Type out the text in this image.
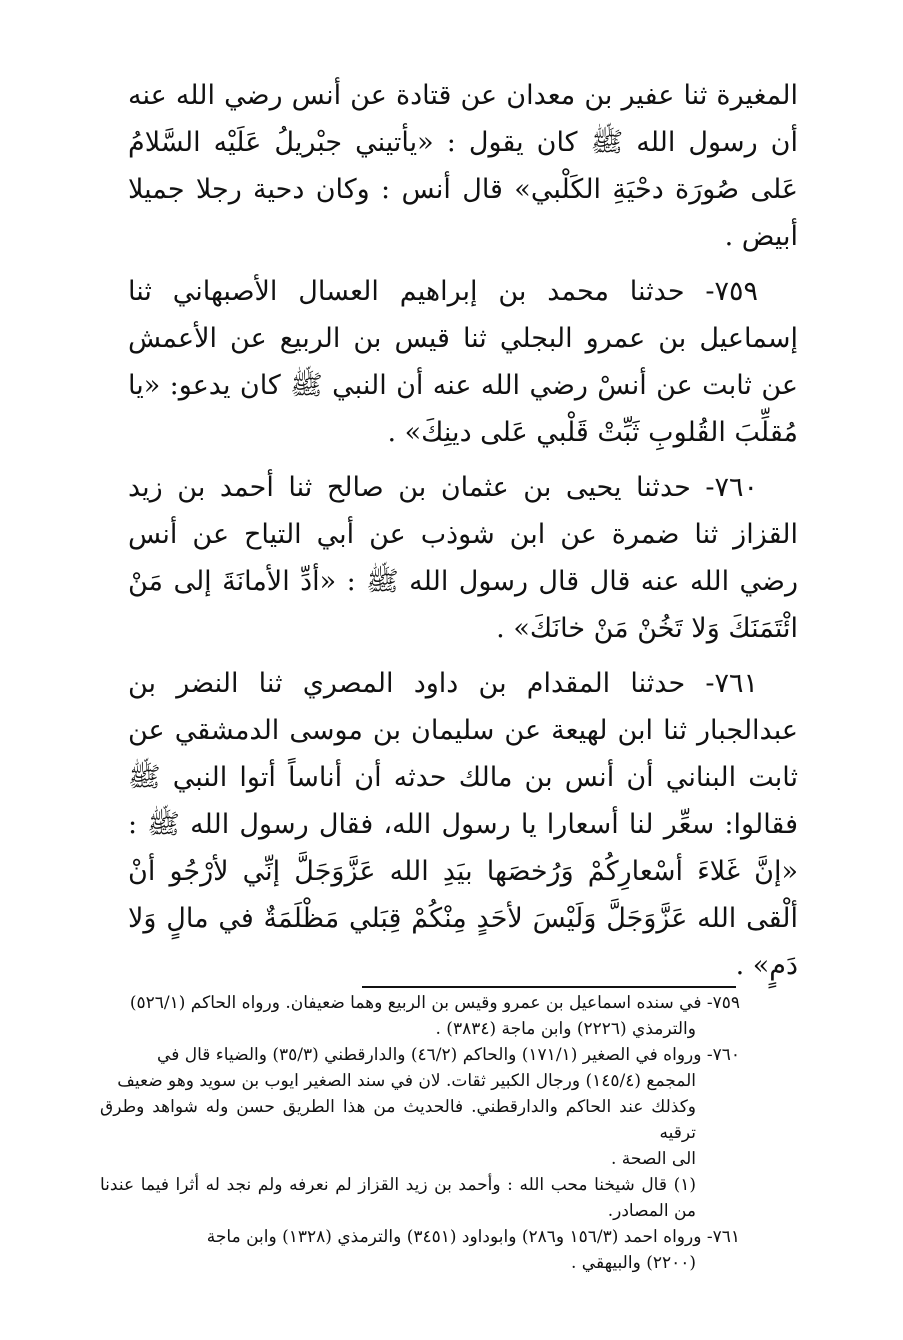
المغيرة ثنا عفير بن معدان عن قتادة عن أنس رضي الله عنه أن رسول الله ﷺ كان يقول : «يأتيني جبْريلُ عَلَيْه السَّلامُ عَلى صُورَة دحْيَةِ الكَلْبي» قال أنس : وكان دحية رجلا جميلا أبيض .

٧٥٩- حدثنا محمد بن إبراهيم العسال الأصبهاني ثنا إسماعيل بن عمرو البجلي ثنا قيس بن الربيع عن الأعمش عن ثابت عن أنسْ رضي الله عنه أن النبي ﷺ كان يدعو: «يا مُقلِّبَ القُلوبِ ثَبِّتْ قَلْبي عَلى دينِكَ» .

٧٦٠- حدثنا يحيى بن عثمان بن صالح ثنا أحمد بن زيد القزاز ثنا ضمرة عن ابن شوذب عن أبي التياح عن أنس رضي الله عنه قال قال رسول الله ﷺ : «أدِّ الأمانَةَ إلى مَنْ ائْتَمَنَكَ وَلا تَخُنْ مَنْ خانَكَ» .

٧٦١- حدثنا المقدام بن داود المصري ثنا النضر بن عبدالجبار ثنا ابن لهيعة عن سليمان بن موسى الدمشقي عن ثابت البناني أن أنس بن مالك حدثه أن أناساً أتوا النبي ﷺ فقالوا: سعِّر لنا أسعارا يا رسول الله، فقال رسول الله ﷺ : «إنَّ غَلاءَ أسْعارِكُمْ وَرُخصَها بيَدِ الله عَزَّوَجَلَّ إنِّي لأرْجُو أنْ ألْقى الله عَزَّوَجَلَّ وَلَيْسَ لأحَدٍ مِنْكُمْ قِبَلي مَظْلَمَةٌ في مالٍ وَلا دَمٍ» .

٧٥٩- في سنده اسماعيل بن عمرو وقيس بن الربيع وهما ضعيفان. ورواه الحاكم (٥٢٦/١)

والترمذي (٢٢٢٦) وابن ماجة (٣٨٣٤) .

٧٦٠- ورواه في الصغير (١٧١/١) والحاكم (٤٦/٢) والدارقطني (٣٥/٣) والضياء قال في

المجمع (١٤٥/٤) ورجال الكبير ثقات. لان في سند الصغير ايوب بن سويد وهو ضعيف

وكذلك عند الحاكم والدارقطني. فالحديث من هذا الطريق حسن وله شواهد وطرق ترقيه

الى الصحة .

(١) قال شيخنا محب الله : وأحمد بن زيد القزاز لم نعرفه ولم نجد له أثرا فيما عندنا من المصادر.

٧٦١- ورواه احمد (١٥٦/٣ و٢٨٦) وابوداود (٣٤٥١) والترمذي (١٣٢٨) وابن ماجة

(٢٢٠٠) والبيهقي .
